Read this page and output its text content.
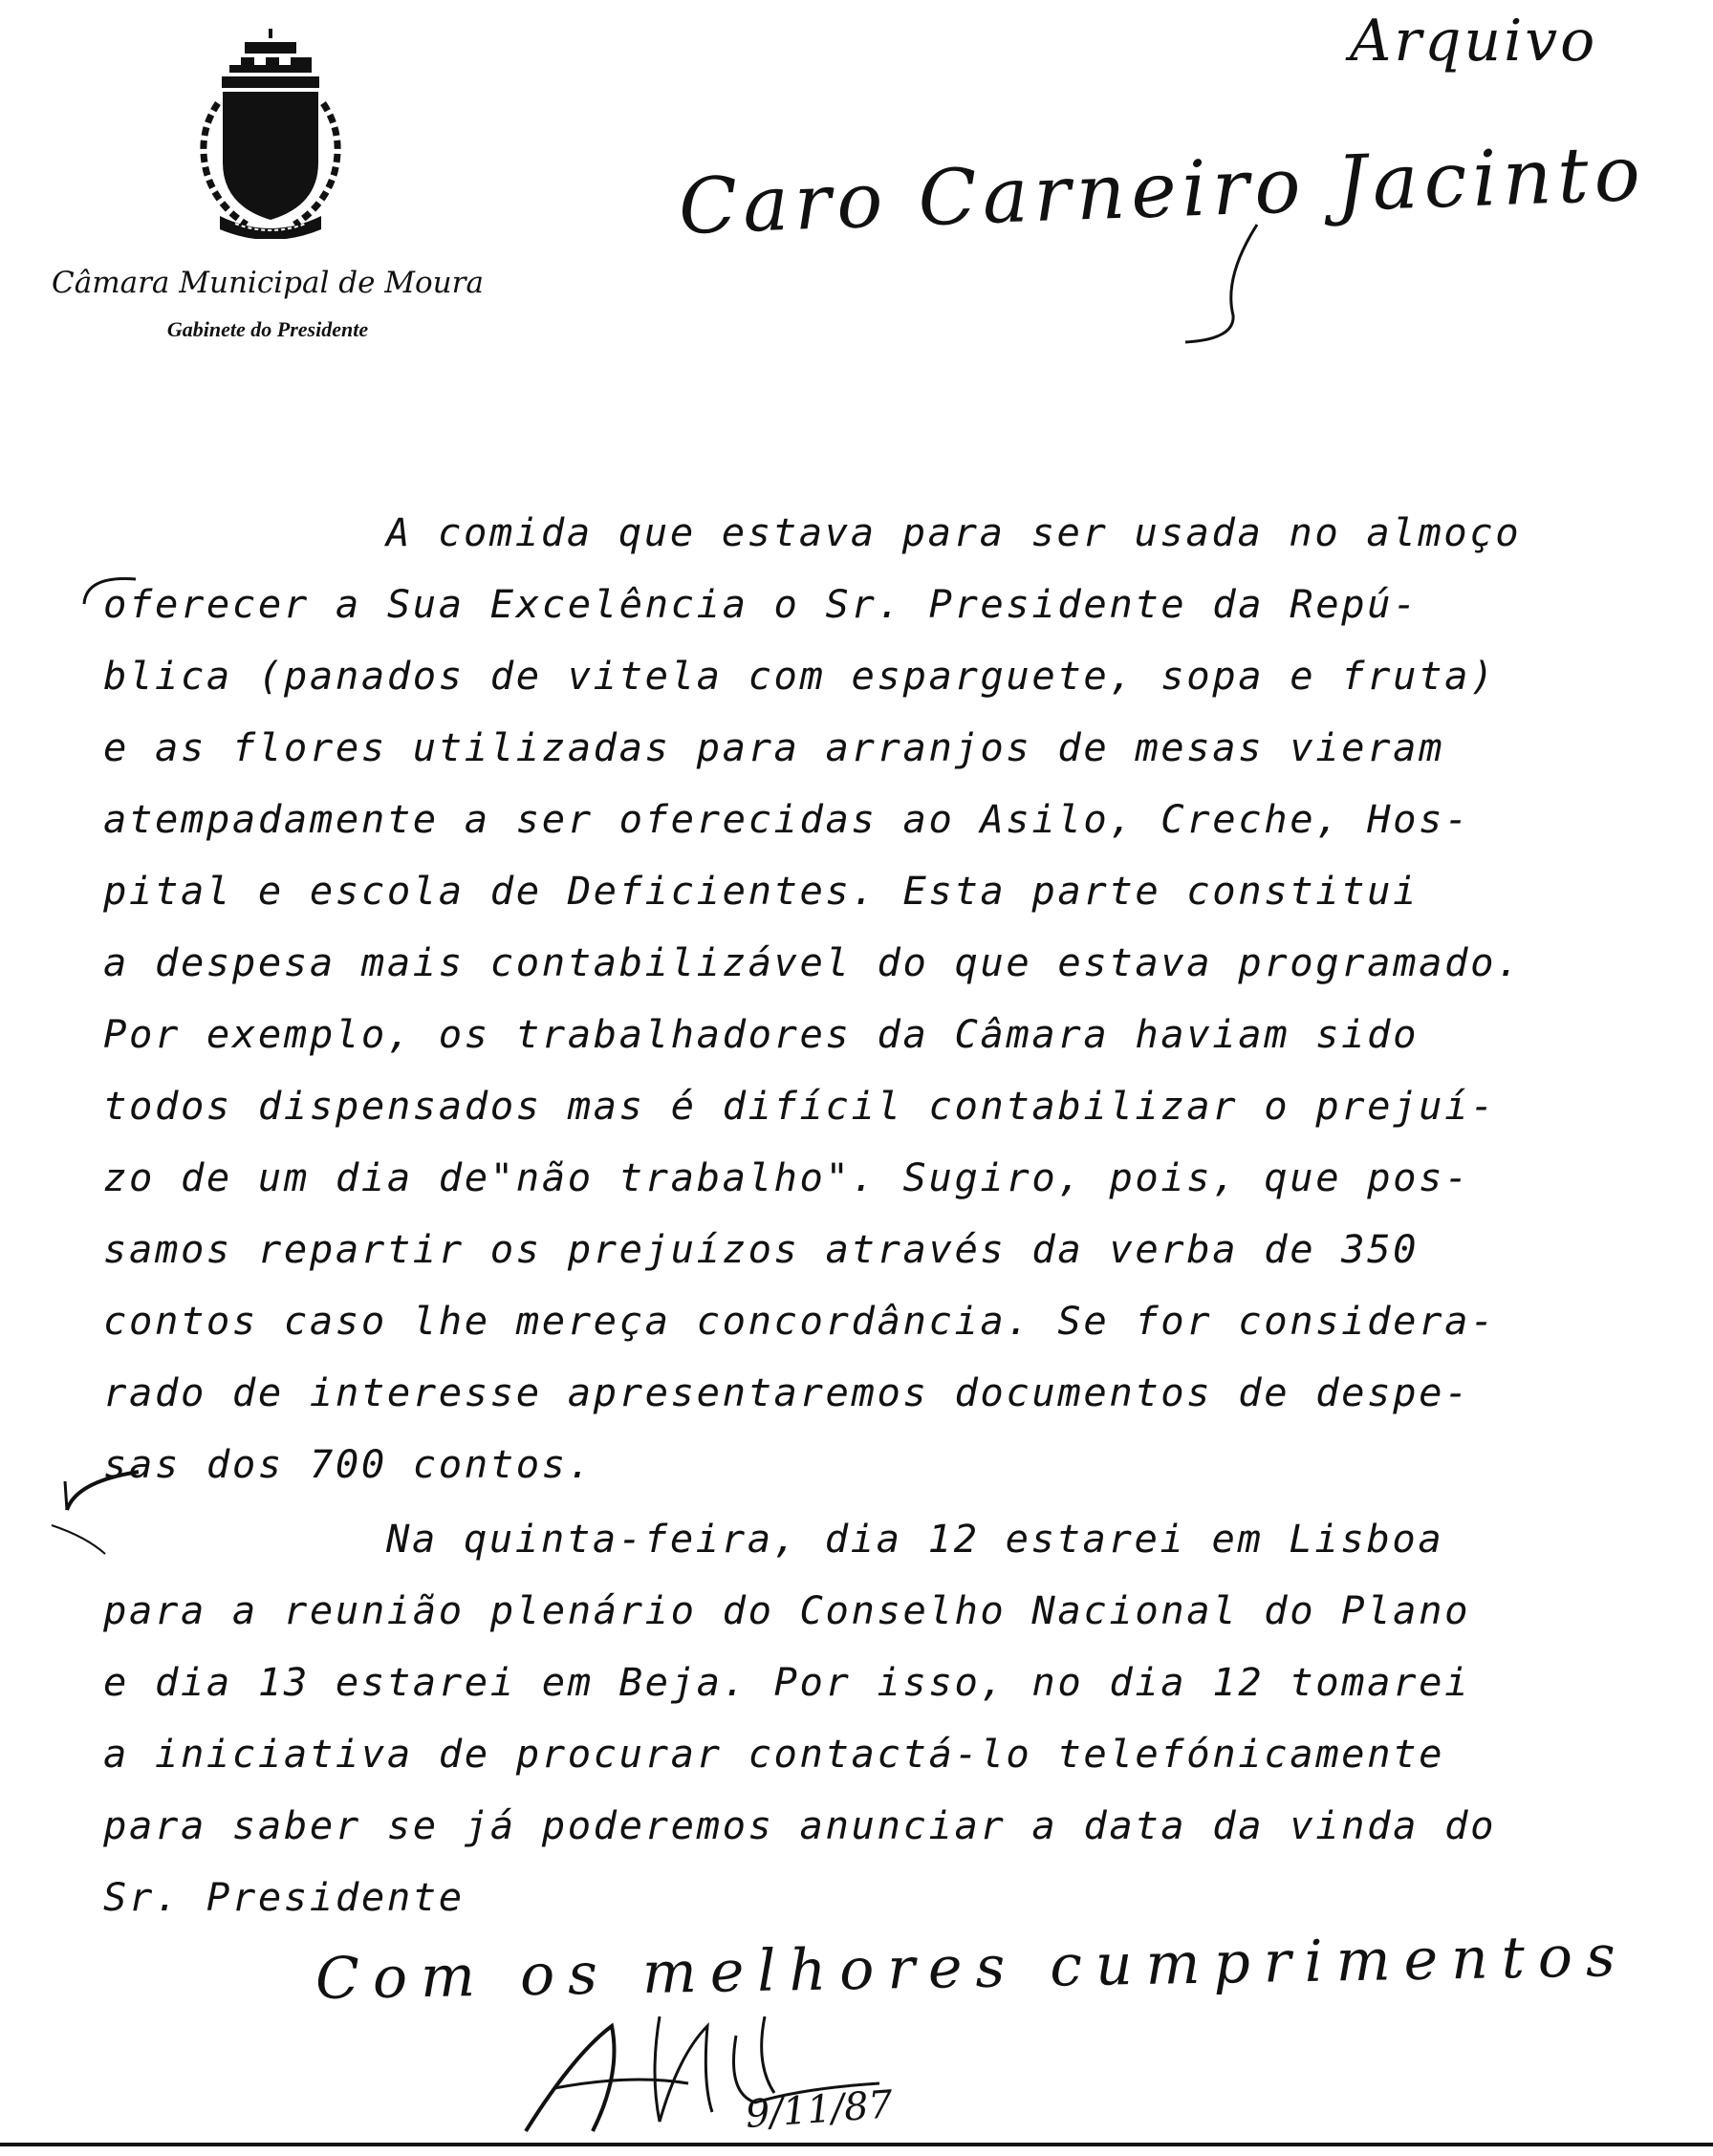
Câmara Municipal de Moura
Gabinete do Presidente
Arquivo
Caro Carneiro Jacinto
A comida que estava para ser usada no almoço
oferecer a Sua Excelência o Sr. Presidente da Repú-
blica (panados de vitela com esparguete, sopa e fruta)
e as flores utilizadas para arranjos de mesas vieram
atempadamente a ser oferecidas ao Asilo, Creche, Hos-
pital e escola de Deficientes. Esta parte constitui
a despesa mais contabilizável do que estava programado.
Por exemplo, os trabalhadores da Câmara haviam sido
todos dispensados mas é difícil contabilizar o prejuí-
zo de um dia de"não trabalho". Sugiro, pois, que pos-
samos repartir os prejuízos através da verba de 350
contos caso lhe mereça concordância. Se for considera-
rado de interesse apresentaremos documentos de despe-
sas dos 700 contos.
Na quinta-feira, dia 12 estarei em Lisboa
para a reunião plenário do Conselho Nacional do Plano
e dia 13 estarei em Beja. Por isso, no dia 12 tomarei
a iniciativa de procurar contactá-lo telefónicamente
para saber se já poderemos anunciar a data da vinda do
Sr. Presidente
Com os melhores cumprimentos
9/11/87
